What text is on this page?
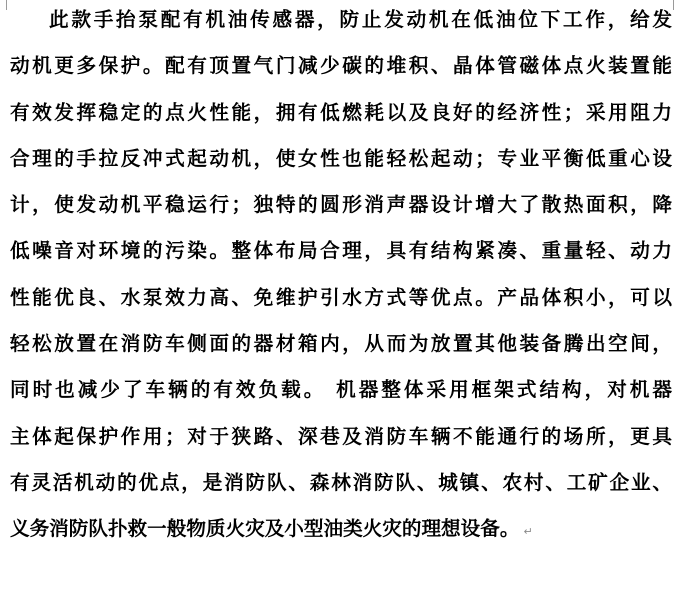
此款手抬泵配有机油传感器，防止发动机在低油位下工作，给发
动机更多保护。配有顶置气门减少碳的堆积、晶体管磁体点火装置能
有效发挥稳定的点火性能，拥有低燃耗以及良好的经济性；采用阻力
合理的手拉反冲式起动机，使女性也能轻松起动；专业平衡低重心设
计，使发动机平稳运行；独特的圆形消声器设计增大了散热面积，降
低噪音对环境的污染。整体布局合理，具有结构紧凑、重量轻、动力
性能优良、水泵效力高、免维护引水方式等优点。产品体积小，可以
轻松放置在消防车侧面的器材箱内，从而为放置其他装备腾出空间，
同时也减少了车辆的有效负载。 机器整体采用框架式结构，对机器
主体起保护作用；对于狭路、深巷及消防车辆不能通行的场所，更具
有灵活机动的优点，是消防队、森林消防队、城镇、农村、工矿企业、
义务消防队扑救一般物质火灾及小型油类火灾的理想设备。 ↵
